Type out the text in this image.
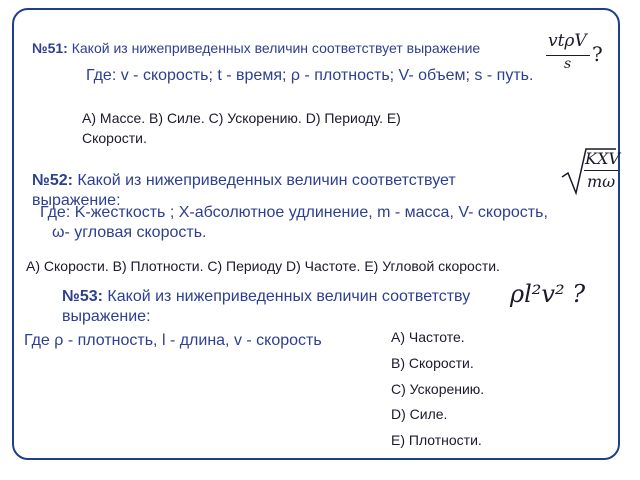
№51: Какой из нижеприведенных величин соответствует выражение	vtρV
s ?
Где: v - скорость; t - время; ρ - плотность; V- объем; s - путь.
A) Массе. B) Силе. C) Ускорению. D) Периоду. E)
Скорости.
№52: Какой из нижеприведенных величин соответствует
выражение:
KXV
mω
Где: K-жесткость ; X-абсолютное удлинение, m - масса, V- скорость,
ω- угловая скорость.
A) Скорости. B) Плотности. C) Периоду D) Частоте. E) Угловой скорости.
№53: Какой из нижеприведенных величин соответству
выражение:
ρl²v² ?
Где ρ - плотность, l - длина, v - скорость	A) Частоте.
B) Скорости.
C) Ускорению.
D) Силе.
E) Плотности.
